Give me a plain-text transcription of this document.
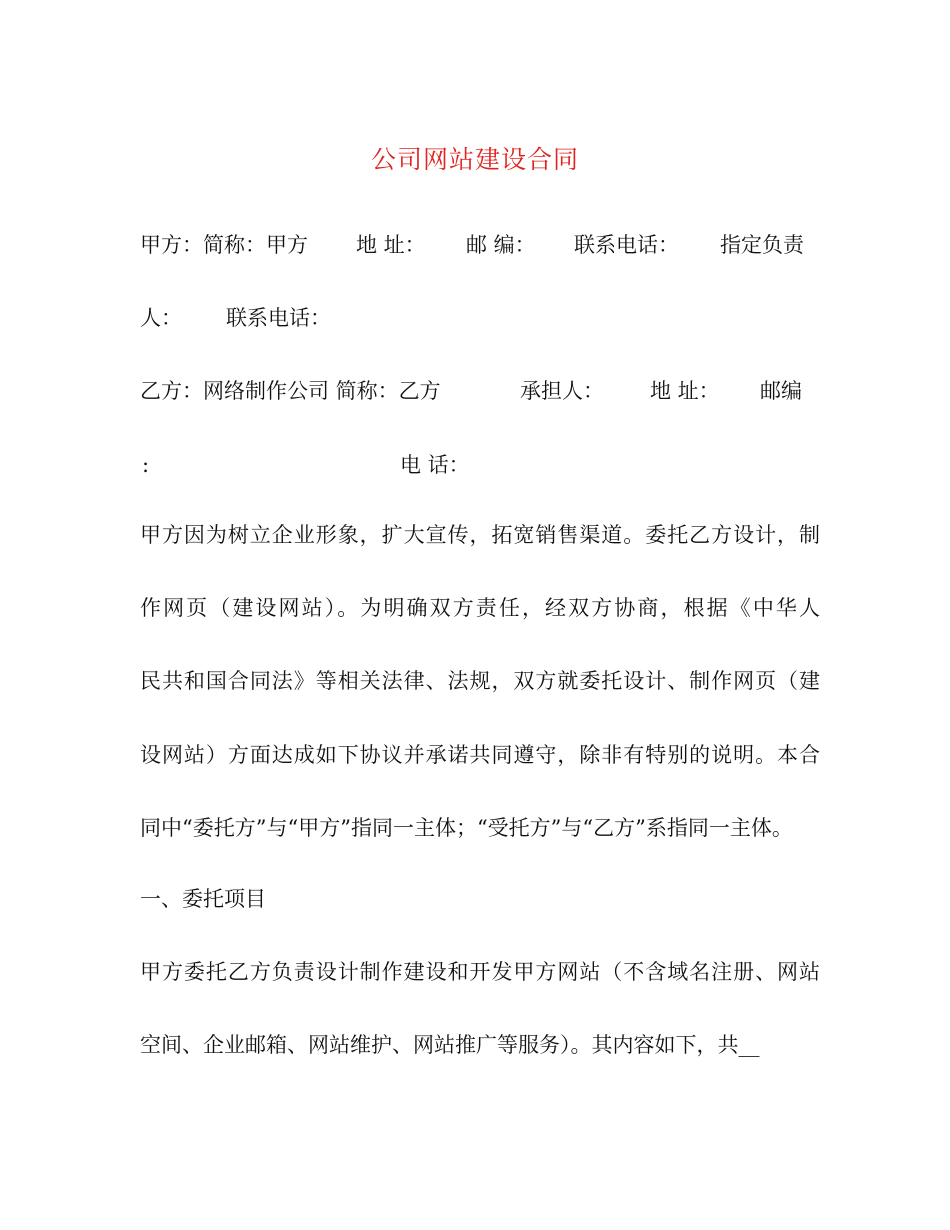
公司网站建设合同
甲方：简称：甲方 地 址： 邮 编： 联系电话： 指定负责
人： 联系电话：
乙方：网络制作公司 简称：乙方	承担人： 地 址： 邮编
:	电 话：
甲方因为树立企业形象，扩大宣传，拓宽销售渠道。委托乙方设计，制
作网页（建设网站）。为明确双方责任，经双方协商，根据《中华人
民共和国合同法》等相关法律、法规，双方就委托设计、制作网页（建
设网站）方面达成如下协议并承诺共同遵守，除非有特别的说明。本合
同中“委托方”与“甲方”指同一主体；“受托方”与“乙方”系指同一主体。
一、委托项目
甲方委托乙方负责设计制作建设和开发甲方网站（不含域名注册、网站
空间、企业邮箱、网站维护、网站推广等服务）。其内容如下，共__
